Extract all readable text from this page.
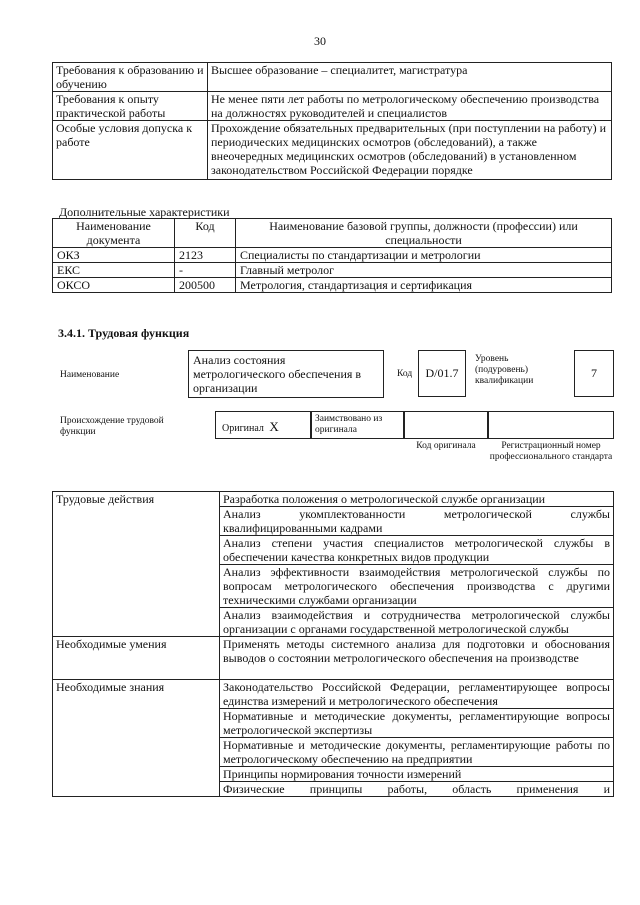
30
Требования к образованию и обучению	Высшее образование – специалитет, магистратура
Требования к опыту практической работы	Не менее пяти лет работы по метрологическому обеспечению производства на должностях руководителей и специалистов
Особые условия допуска к работе	Прохождение обязательных предварительных (при поступлении на работу) и периодических медицинских осмотров (обследований), а также внеочередных медицинских осмотров (обследований) в установленном законодательством Российской Федерации порядке
Дополнительные характеристики
Наименование документа	Код	Наименование базовой группы, должности (профессии) или специальности
ОКЗ	2123	Специалисты по стандартизации и метрологии
ЕКС	-	Главный метролог
ОКСО	200500	Метрология, стандартизация и сертификация
3.4.1. Трудовая функция
Наименование
Анализ состояния метрологического обеспечения в организации
Код	D/01.7
Уровень (подуровень) квалификации
7
Происхождение трудовой функции	Оригинал X	Заимствовано из оригинала
Код оригинала	Регистрационный номер профессионального стандарта
Трудовые действия	Разработка положения о метрологической службе организации
	Анализ укомплектованности метрологической службы квалифицированными кадрами
	Анализ степени участия специалистов метрологической службы в обеспечении качества конкретных видов продукции
	Анализ эффективности взаимодействия метрологической службы по вопросам метрологического обеспечения производства с другими техническими службами организации
	Анализ взаимодействия и сотрудничества метрологической службы организации с органами государственной метрологической службы
Необходимые умения	Применять методы системного анализа для подготовки и обоснования выводов о состоянии метрологического обеспечения на производстве
Необходимые знания	Законодательство Российской Федерации, регламентирующее вопросы единства измерений и метрологического обеспечения
	Нормативные и методические документы, регламентирующие вопросы метрологической экспертизы
	Нормативные и методические документы, регламентирующие работы по метрологическому обеспечению на предприятии
	Принципы нормирования точности измерений
	Физические принципы работы, область применения и
